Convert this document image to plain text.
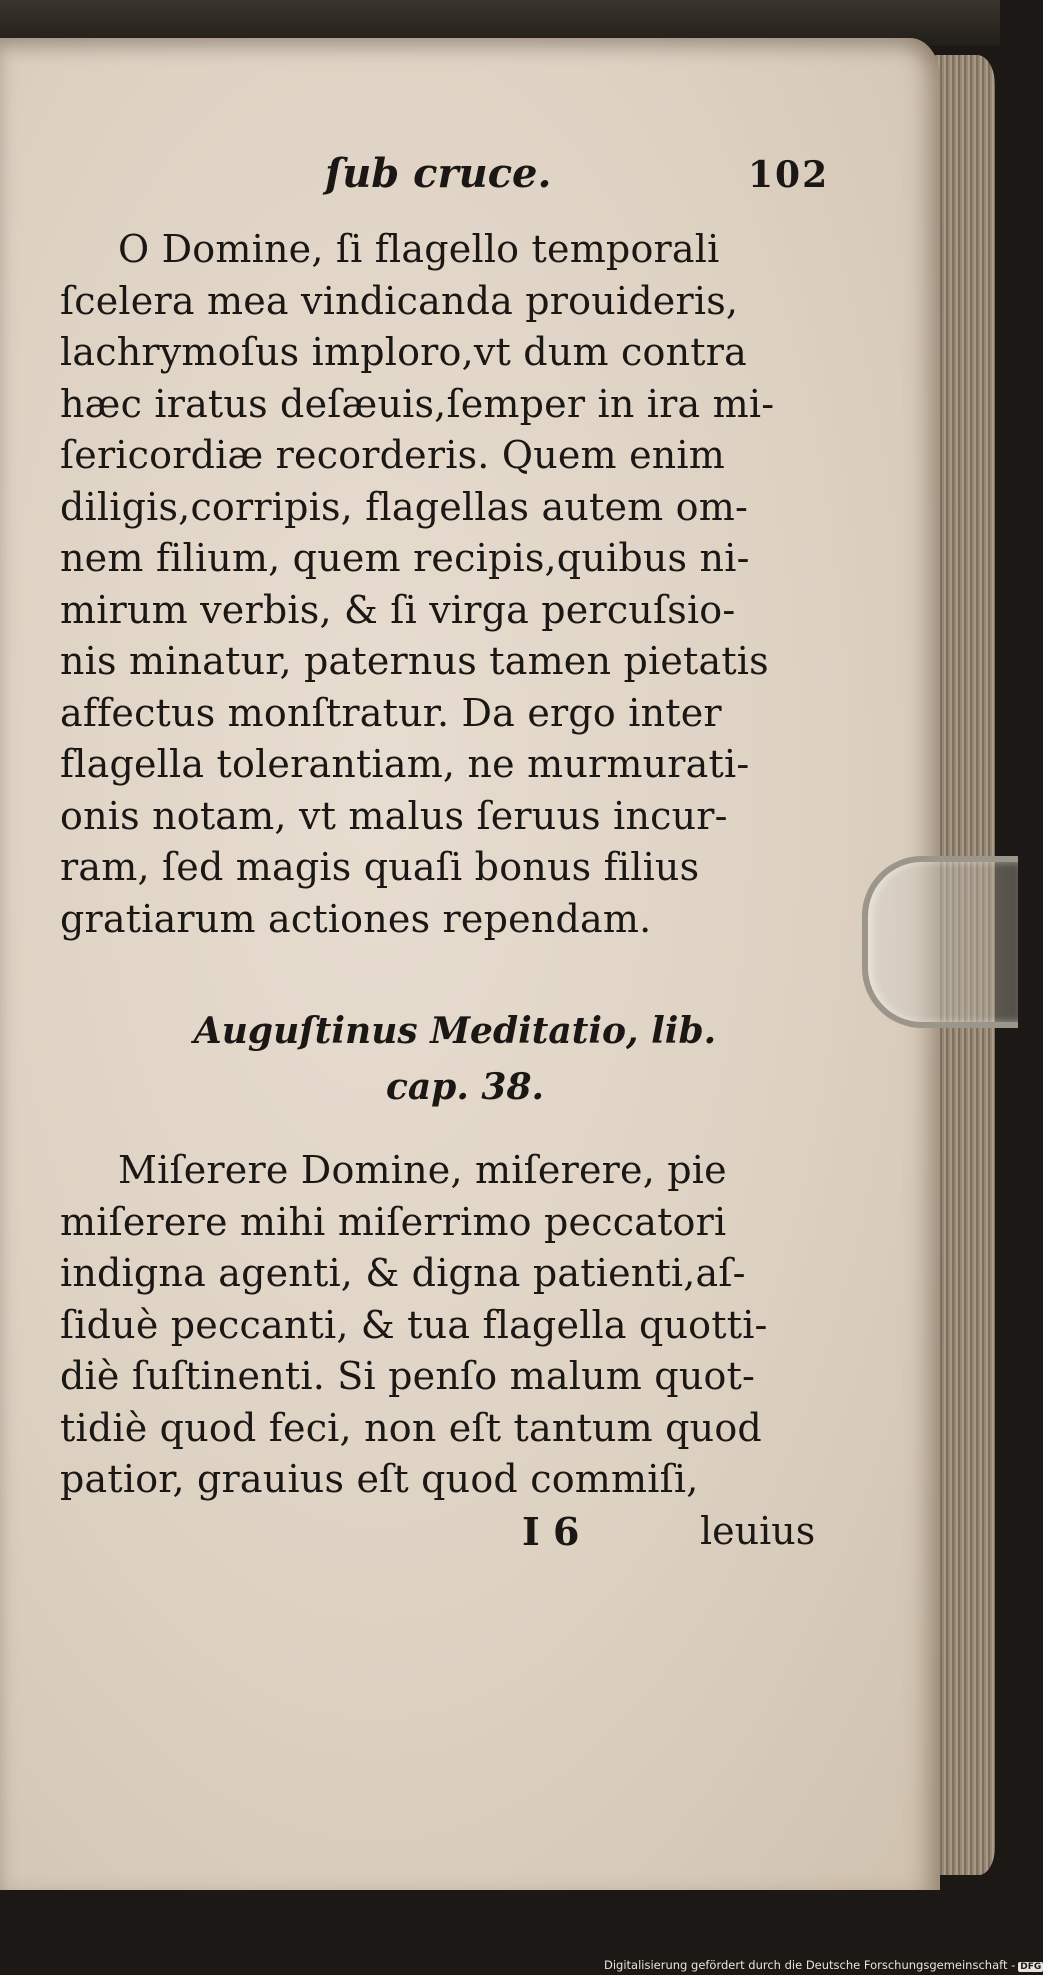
ſub cruce.	102
O Domine, ſi flagello temporali
ſcelera mea vindicanda prouideris,
lachrymoſus imploro,vt dum contra
hæc iratus deſæuis,ſemper in ira mi-
ſericordiæ recorderis. Quem enim
diligis,corripis, flagellas autem om-
nem filium, quem recipis,quibus ni-
mirum verbis, & ſi virga percuſsio-
nis minatur, paternus tamen pietatis
affectus monſtratur. Da ergo inter
flagella tolerantiam, ne murmurati-
onis notam, vt malus ſeruus incur-
ram, ſed magis quaſi bonus filius
gratiarum actiones rependam.
Auguſtinus Meditatio, lib.
cap. 38.
Miſerere Domine, miſerere, pie
miſerere mihi miſerrimo peccatori
indigna agenti, & digna patienti,aſ-
ſiduè peccanti, & tua flagella quotti-
diè ſuſtinenti. Si penſo malum quot-
tidiè quod feci, non eſt tantum quod
patior, grauius eſt quod commiſi,
I 6	leuius
Digitalisierung gefördert durch die Deutsche Forschungsgemeinschaft - DFG
